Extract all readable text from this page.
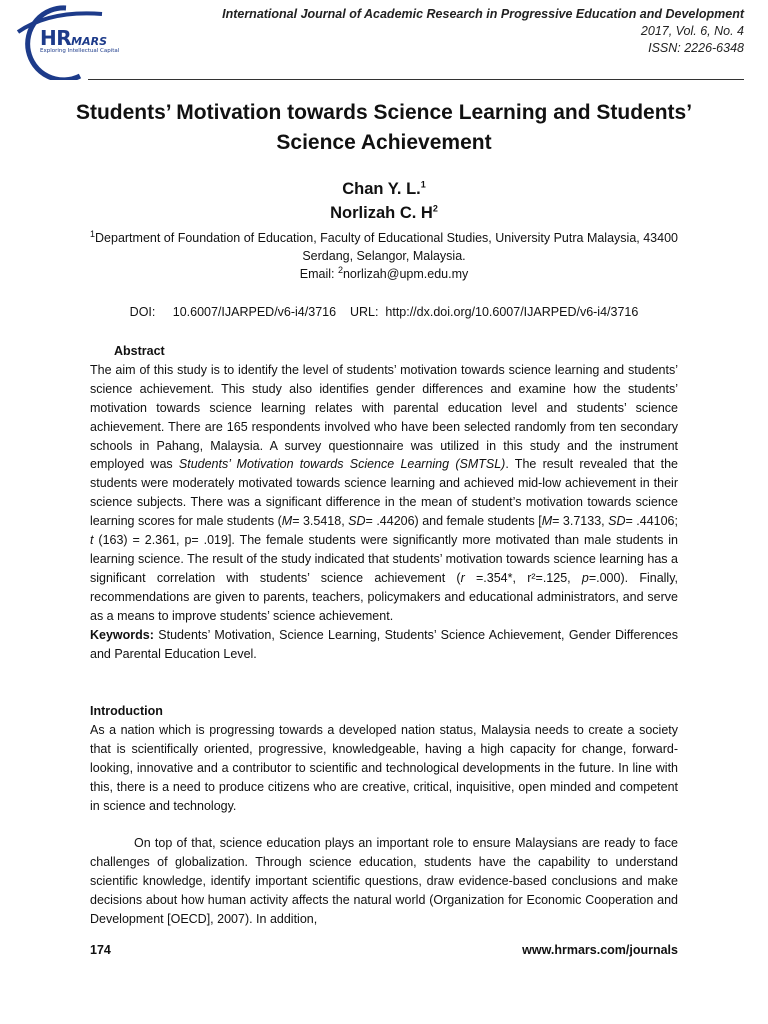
HRMARS
Exploring Intellectual Capital
International Journal of Academic Research in Progressive Education and Development
2017, Vol. 6, No. 4
ISSN: 2226-6348
Students’ Motivation towards Science Learning and Students’ Science Achievement
Chan Y. L.$^1$
Norlizah C. $H^2$
$^1$Department of Foundation of Education, Faculty of Educational Studies, University Putra Malaysia, 43400 Serdang, Selangor, Malaysia.
Email: $^2$norlizah@upm.edu.my
DOI: 10.6007/IJARPED/v6-i4/3716 URL: http://dx.doi.org/10.6007/IJARPED/v6-i4/3716
Abstract

The aim of this study is to identify the level of students’ motivation towards science learning and students’ science achievement. This study also identifies gender differences and examine how the students’ motivation towards science learning relates with parental education level and students’ science achievement. There are 165 respondents involved who have been selected randomly from ten secondary schools in Pahang, Malaysia. A survey questionnaire was utilized in this study and the instrument employed was Students’ Motivation towards Science Learning (SMTSL). The result revealed that the students were moderately motivated towards science learning and achieved mid-low achievement in their science subjects. There was a significant difference in the mean of student’s motivation towards science learning scores for male students (M= 3.5418, SD= .44206) and female students [M= 3.7133, SD= .44106; t (163) = 2.361, p= .019]. The female students were significantly more motivated than male students in learning science. The result of the study indicated that students’ motivation towards science learning has a significant correlation with students’ science achievement (r =.354*, r²=.125, p=.000). Finally, recommendations are given to parents, teachers, policymakers and educational administrators, and serve as a means to improve students’ science achievement.

Keywords: Students’ Motivation, Science Learning, Students’ Science Achievement, Gender Differences and Parental Education Level.

Introduction

As a nation which is progressing towards a developed nation status, Malaysia needs to create a society that is scientifically oriented, progressive, knowledgeable, having a high capacity for change, forward-looking, innovative and a contributor to scientific and technological developments in the future. In line with this, there is a need to produce citizens who are creative, critical, inquisitive, open minded and competent in science and technology.

On top of that, science education plays an important role to ensure Malaysians are ready to face challenges of globalization. Through science education, students have the capability to understand scientific knowledge, identify important scientific questions, draw evidence-based conclusions and make decisions about how human activity affects the natural world (Organization for Economic Cooperation and Development [OECD], 2007). In addition,

174	www.hrmars.com/journals
